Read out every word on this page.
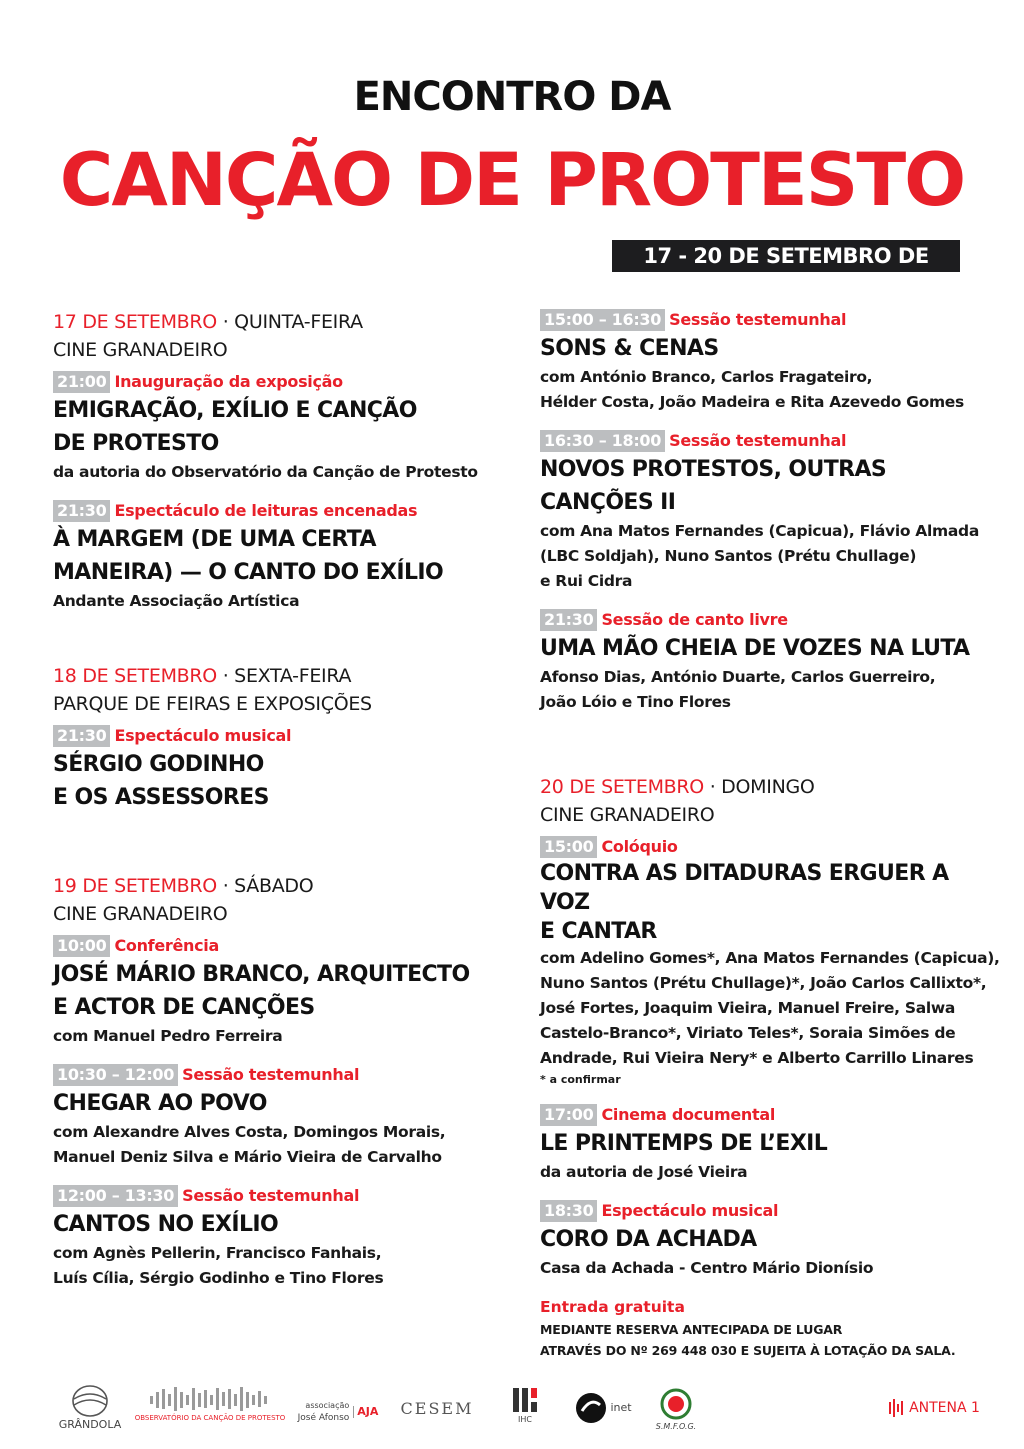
ENCONTRO DA
CANÇÃO DE PROTESTO
17 - 20 DE SETEMBRO DE 2020
17 DE SETEMBRO · QUINTA-FEIRA
CINE GRANADEIRO
21:00 Inauguração da exposição
EMIGRAÇÃO, EXÍLIO E CANÇÃO
DE PROTESTO
da autoria do Observatório da Canção de Protesto
21:30 Espectáculo de leituras encenadas
À MARGEM (DE UMA CERTA
MANEIRA) — O CANTO DO EXÍLIO
Andante Associação Artística
18 DE SETEMBRO · SEXTA-FEIRA
PARQUE DE FEIRAS E EXPOSIÇÕES
21:30 Espectáculo musical
SÉRGIO GODINHO
E OS ASSESSORES
19 DE SETEMBRO · SÁBADO
CINE GRANADEIRO
10:00 Conferência
JOSÉ MÁRIO BRANCO, ARQUITECTO
E ACTOR DE CANÇÕES
com Manuel Pedro Ferreira
10:30 – 12:00 Sessão testemunhal
CHEGAR AO POVO
com Alexandre Alves Costa, Domingos Morais,
Manuel Deniz Silva e Mário Vieira de Carvalho
12:00 – 13:30 Sessão testemunhal
CANTOS NO EXÍLIO
com Agnès Pellerin, Francisco Fanhais,
Luís Cília, Sérgio Godinho e Tino Flores
15:00 – 16:30 Sessão testemunhal
SONS & CENAS
com António Branco, Carlos Fragateiro,
Hélder Costa, João Madeira e Rita Azevedo Gomes
16:30 – 18:00 Sessão testemunhal
NOVOS PROTESTOS, OUTRAS CANÇÕES II
com Ana Matos Fernandes (Capicua), Flávio Almada
(LBC Soldjah), Nuno Santos (Prétu Chullage)
e Rui Cidra
21:30 Sessão de canto livre
UMA MÃO CHEIA DE VOZES NA LUTA
Afonso Dias, António Duarte, Carlos Guerreiro,
João Lóio e Tino Flores
20 DE SETEMBRO · DOMINGO
CINE GRANADEIRO
15:00 Colóquio
CONTRA AS DITADURAS ERGUER A VOZ
E CANTAR
com Adelino Gomes*, Ana Matos Fernandes (Capicua),
Nuno Santos (Prétu Chullage)*, João Carlos Callixto*,
José Fortes, Joaquim Vieira, Manuel Freire, Salwa
Castelo-Branco*, Viriato Teles*, Soraia Simões de
Andrade, Rui Vieira Nery* e Alberto Carrillo Linares
* a confirmar
17:00 Cinema documental
LE PRINTEMPS DE L’EXIL
da autoria de José Vieira
18:30 Espectáculo musical
CORO DA ACHADA
Casa da Achada - Centro Mário Dionísio
Entrada gratuita
MEDIANTE RESERVA ANTECIPADA DE LUGAR
ATRAVÉS DO Nº 269 448 030 E SUJEITA À LOTAÇÃO DA SALA.
GRÂNDOLA OBSERVATÓRIO DA CANÇÃO DE PROTESTO
associação
José Afonso AJA CESEM
IHC
inet
S.M.F.O.G.
ANTENA 1
